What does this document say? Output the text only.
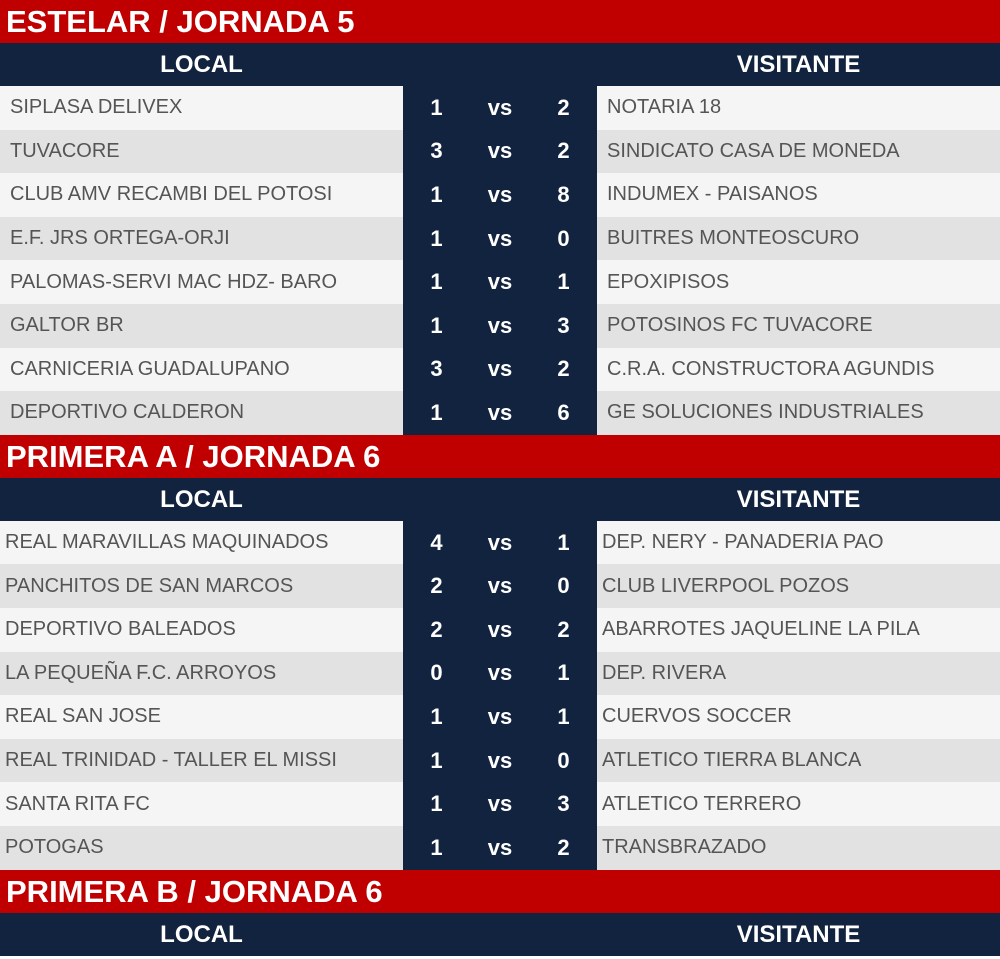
ESTELAR / JORNADA 5
LOCAL	VISITANTE
SIPLASA DELIVEX	1	vs	2	NOTARIA 18
TUVACORE	3	vs	2	SINDICATO CASA DE MONEDA
CLUB AMV RECAMBI DEL POTOSI	1	vs	8	INDUMEX - PAISANOS
E.F. JRS ORTEGA-ORJI	1	vs	0	BUITRES MONTEOSCURO
PALOMAS-SERVI MAC HDZ- BARO	1	vs	1	EPOXIPISOS
GALTOR BR	1	vs	3	POTOSINOS FC TUVACORE
CARNICERIA GUADALUPANO	3	vs	2	C.R.A. CONSTRUCTORA AGUNDIS
DEPORTIVO CALDERON	1	vs	6	GE SOLUCIONES INDUSTRIALES
PRIMERA A / JORNADA 6
LOCAL	VISITANTE
REAL MARAVILLAS MAQUINADOS	4	vs	1	DEP. NERY - PANADERIA PAO
PANCHITOS DE SAN MARCOS	2	vs	0	CLUB LIVERPOOL POZOS
DEPORTIVO BALEADOS	2	vs	2	ABARROTES JAQUELINE LA PILA
LA PEQUEÑA F.C. ARROYOS	0	vs	1	DEP. RIVERA
REAL SAN JOSE	1	vs	1	CUERVOS SOCCER
REAL TRINIDAD - TALLER EL MISSI	1	vs	0	ATLETICO TIERRA BLANCA
SANTA RITA FC	1	vs	3	ATLETICO TERRERO
POTOGAS	1	vs	2	TRANSBRAZADO
PRIMERA B / JORNADA 6
LOCAL	VISITANTE
